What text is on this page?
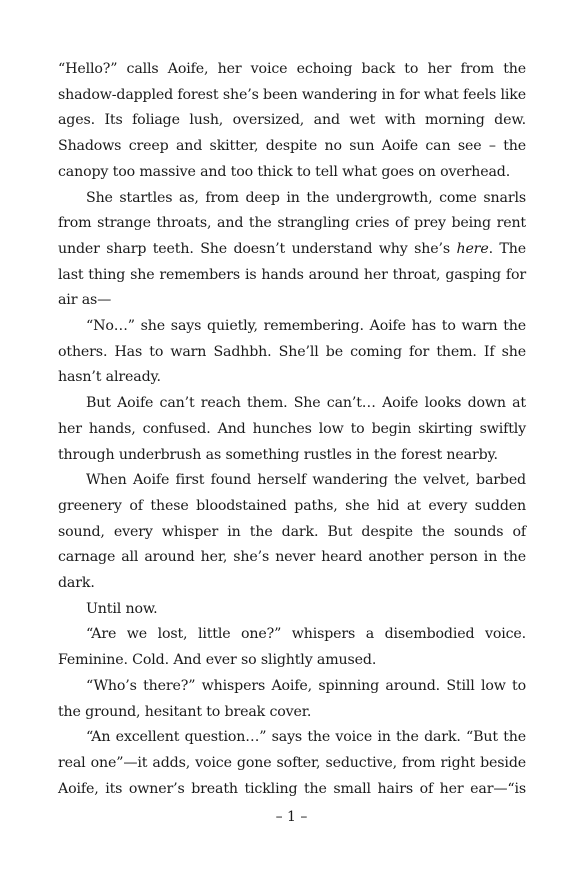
“Hello?” calls Aoife, her voice echoing back to her from the shadow-dappled forest she’s been wandering in for what feels like ages. Its foliage lush, oversized, and wet with morning dew. Shadows creep and skitter, despite no sun Aoife can see – the canopy too massive and too thick to tell what goes on overhead.

She startles as, from deep in the undergrowth, come snarls from strange throats, and the strangling cries of prey being rent under sharp teeth. She doesn’t understand why she’s here. The last thing she remembers is hands around her throat, gasping for air as—

“No…” she says quietly, remembering. Aoife has to warn the others. Has to warn Sadhbh. She’ll be coming for them. If she hasn’t already.

But Aoife can’t reach them. She can’t… Aoife looks down at her hands, confused. And hunches low to begin skirting swiftly through underbrush as something rustles in the forest nearby.

When Aoife first found herself wandering the velvet, barbed greenery of these bloodstained paths, she hid at every sudden sound, every whisper in the dark. But despite the sounds of carnage all around her, she’s never heard another person in the dark.

Until now.

“Are we lost, little one?” whispers a disembodied voice. Feminine. Cold. And ever so slightly amused.

“Who’s there?” whispers Aoife, spinning around. Still low to the ground, hesitant to break cover.

“An excellent question…” says the voice in the dark. “But the real one”—it adds, voice gone softer, seductive, from right beside Aoife, its owner’s breath tickling the small hairs of her ear—“is

– 1 –
